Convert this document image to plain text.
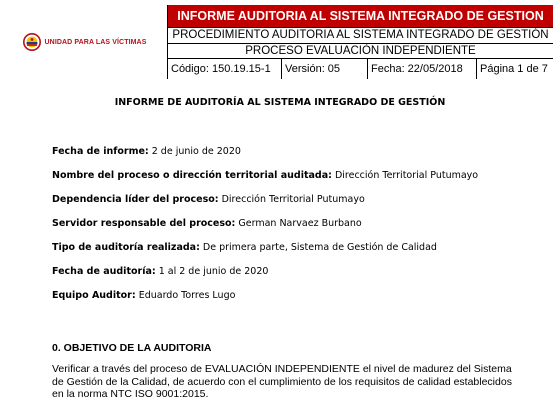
UNIDAD PARA LAS VÍCTIMAS
	INFORME AUDITORIA AL SISTEMA INTEGRADO DE GESTION
PROCEDIMIENTO AUDITORIA AL SISTEMA INTEGRADO DE GESTIÓN
PROCESO EVALUACIÒN INDEPENDIENTE

Código: 150.19.15-1	Versión: 05	Fecha: 22/05/2018	Página 1 de 7
INFORME DE AUDITORÍA AL SISTEMA INTEGRADO DE GESTIÓN
Fecha de informe: 2 de junio de 2020
Nombre del proceso o dirección territorial auditada: Dirección Territorial Putumayo
Dependencia líder del proceso: Dirección Territorial Putumayo
Servidor responsable del proceso: German Narvaez Burbano
Tipo de auditoría realizada: De primera parte, Sistema de Gestión de Calidad
Fecha de auditoría: 1 al 2 de junio de 2020
Equipo Auditor: Eduardo Torres Lugo
0. OBJETIVO DE LA AUDITORIA
Verificar a través del proceso de EVALUACIÓN INDEPENDIENTE el nivel de madurez del Sistema de Gestión de la Calidad, de acuerdo con el cumplimiento de los requisitos de calidad establecidos en la norma NTC ISO 9001:2015.
